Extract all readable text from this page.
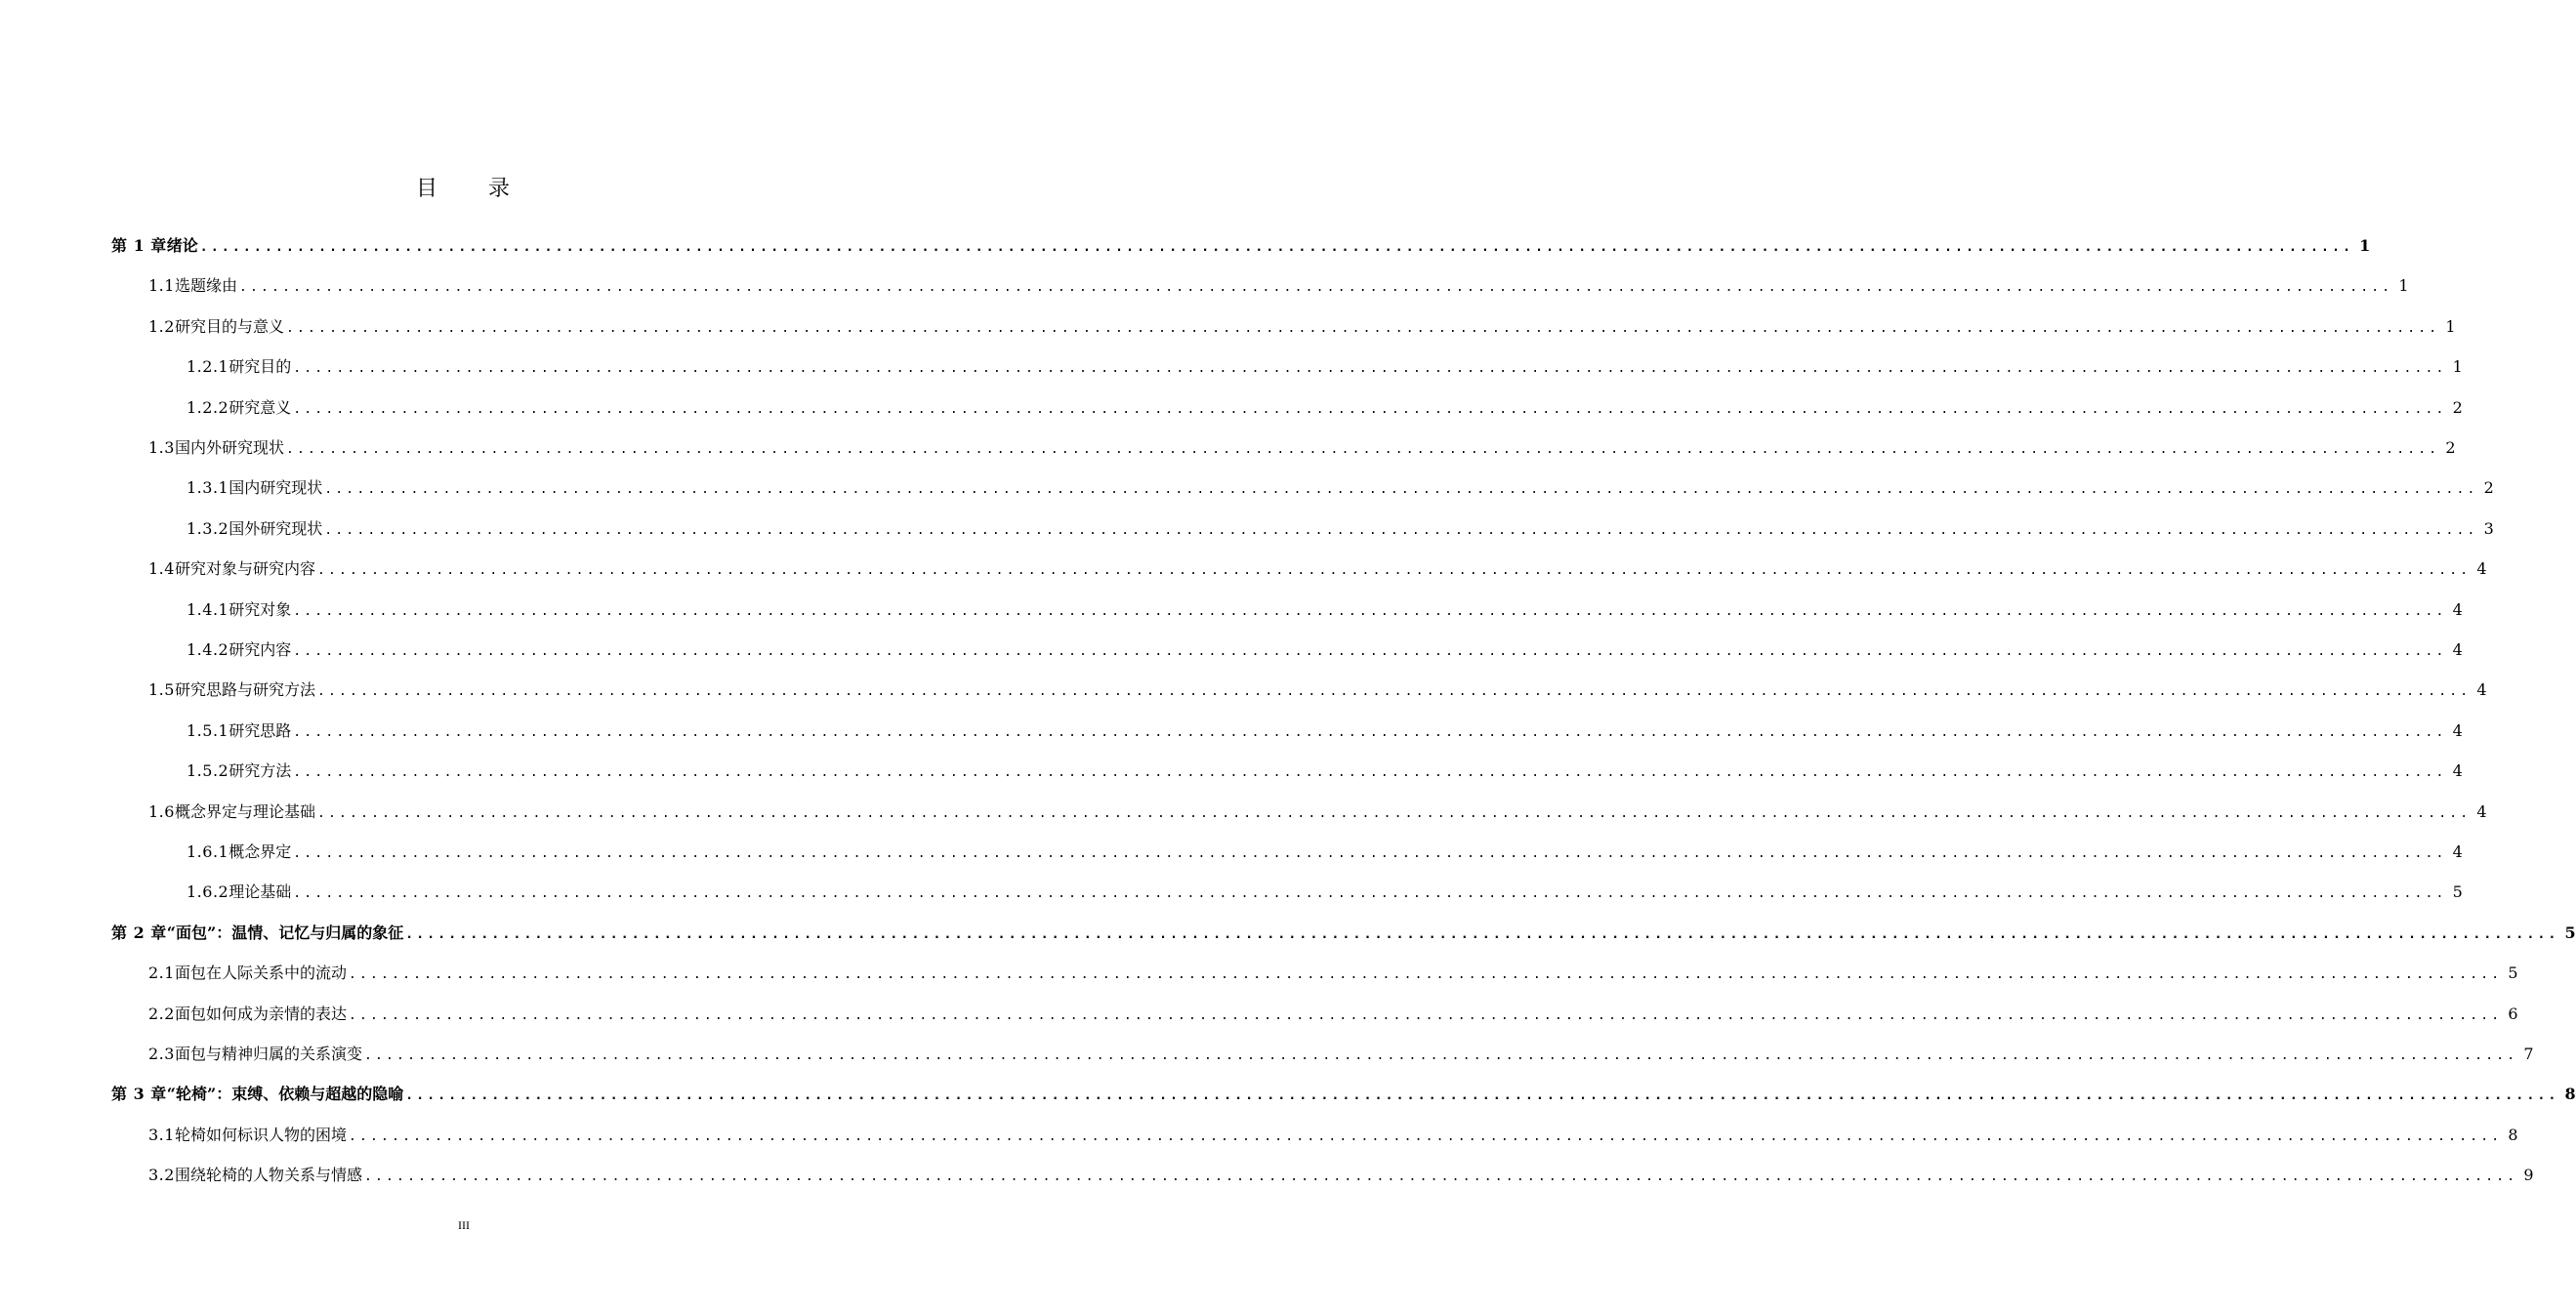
目 录
第 1 章 绪论 ........................................................................................................................................................................................................ 1
1.1 选题缘由 ........................................................................................................................................................................................................ 1
1.2 研究目的与意义 ........................................................................................................................................................................................................ 1
1.2.1 研究目的 ........................................................................................................................................................................................................ 1
1.2.2 研究意义 ........................................................................................................................................................................................................ 2
1.3 国内外研究现状 ........................................................................................................................................................................................................ 2
1.3.1 国内研究现状 ........................................................................................................................................................................................................ 2
1.3.2 国外研究现状 ........................................................................................................................................................................................................ 3
1.4 研究对象与研究内容 ........................................................................................................................................................................................................ 4
1.4.1 研究对象 ........................................................................................................................................................................................................ 4
1.4.2 研究内容 ........................................................................................................................................................................................................ 4
1.5 研究思路与研究方法 ........................................................................................................................................................................................................ 4
1.5.1 研究思路 ........................................................................................................................................................................................................ 4
1.5.2 研究方法 ........................................................................................................................................................................................................ 4
1.6 概念界定与理论基础 ........................................................................................................................................................................................................ 4
1.6.1 概念界定 ........................................................................................................................................................................................................ 4
1.6.2 理论基础 ........................................................................................................................................................................................................ 5
第 2 章 “面包”：温情、记忆与归属的象征 ........................................................................................................................................................................................................ 5
2.1 面包在人际关系中的流动 ........................................................................................................................................................................................................ 5
2.2 面包如何成为亲情的表达 ........................................................................................................................................................................................................ 6
2.3 面包与精神归属的关系演变 ........................................................................................................................................................................................................ 7
第 3 章 “轮椅”：束缚、依赖与超越的隐喻 ........................................................................................................................................................................................................ 8
3.1 轮椅如何标识人物的困境 ........................................................................................................................................................................................................ 8
3.2 围绕轮椅的人物关系与情感 ........................................................................................................................................................................................................ 9
III
